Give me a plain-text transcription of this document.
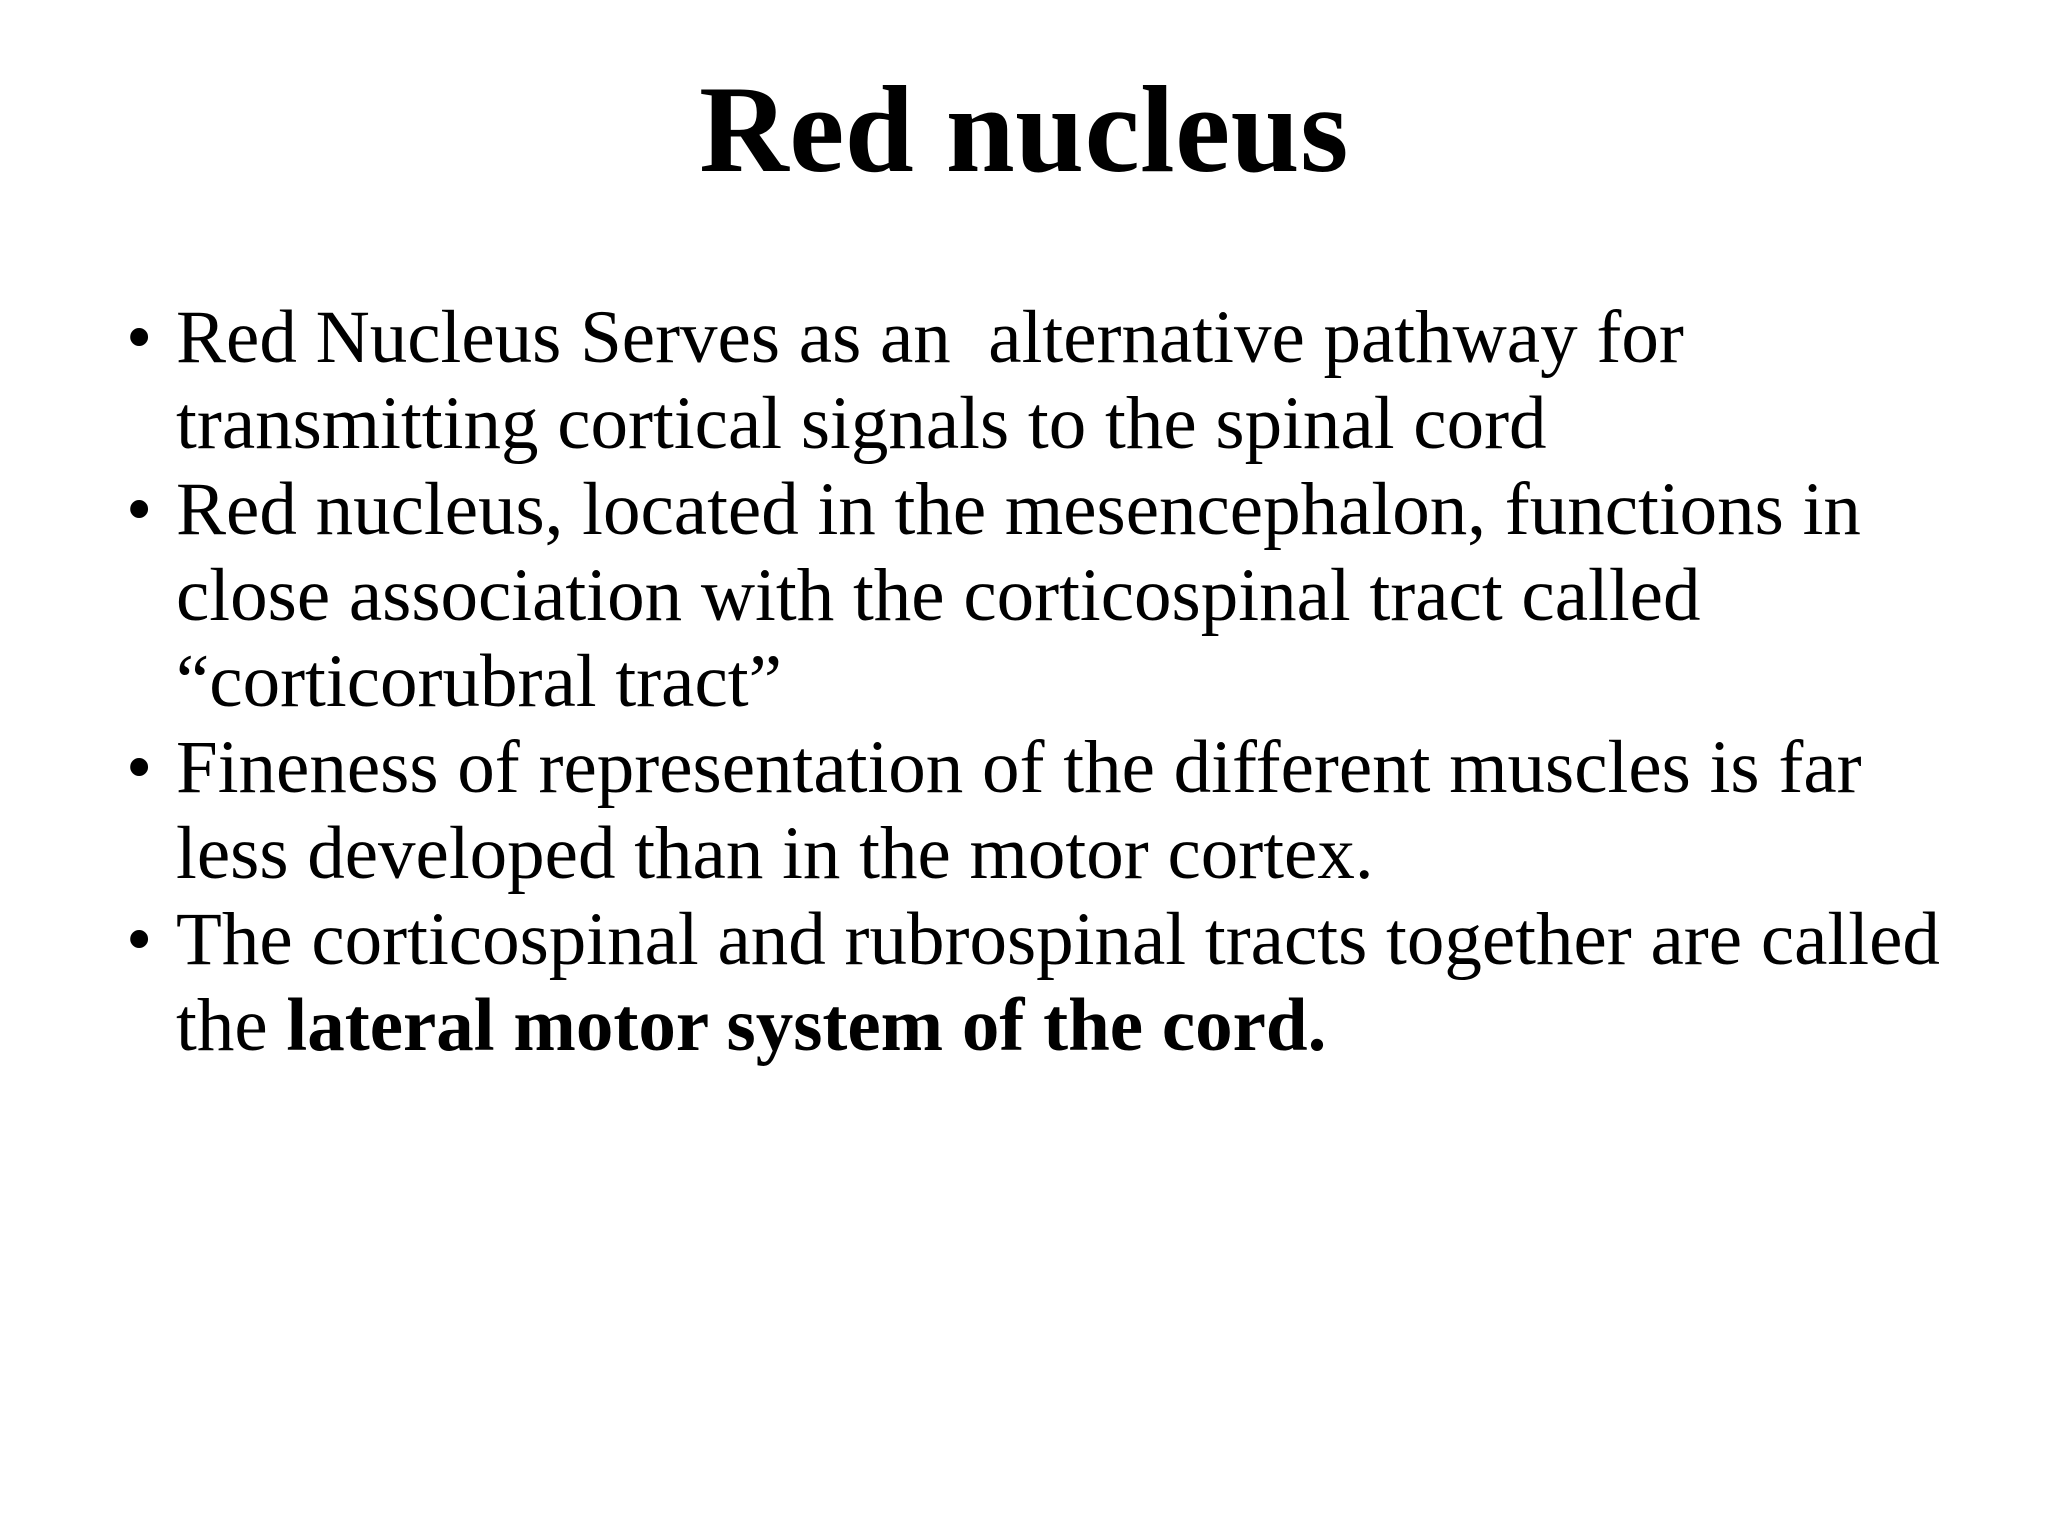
Red nucleus
• Red Nucleus Serves as an  alternative pathway for transmitting cortical signals to the spinal cord
• Red nucleus, located in the mesencephalon, functions in close association with the corticospinal tract called “corticorubral tract”
• Fineness of representation of the different muscles is far less developed than in the motor cortex.
• The corticospinal and rubrospinal tracts together are called the lateral motor system of the cord.
